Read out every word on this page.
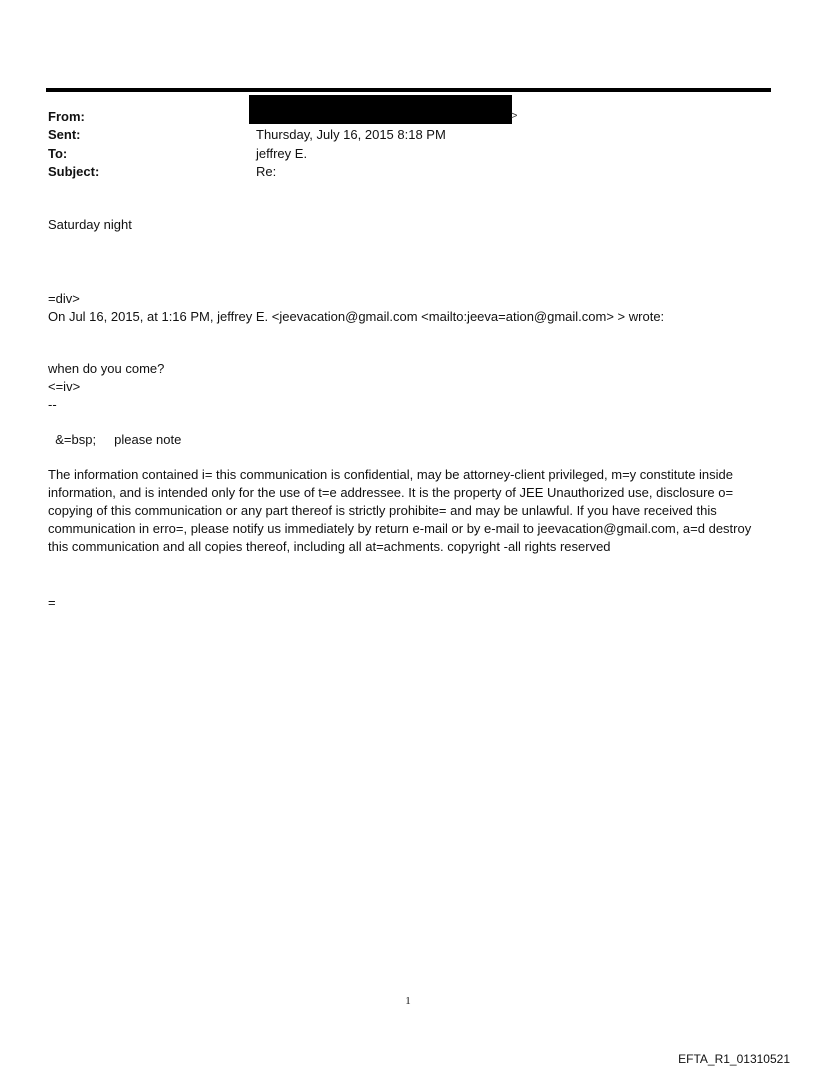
From:	>
Sent:	Thursday, July 16, 2015 8:18 PM
To:	jeffrey E.
Subject:	Re:
Saturday night
=div>
On Jul 16, 2015, at 1:16 PM, jeffrey E. <jeevacation@gmail.com <mailto:jeeva=ation@gmail.com> > wrote:
when do you come?
<=iv>
--
&=bsp;     please note
The information contained i= this communication is confidential, may be attorney-client privileged, m=y constitute inside information, and is intended only for the use of t=e addressee. It is the property of JEE Unauthorized use, disclosure o= copying of this communication or any part thereof is strictly prohibite= and may be unlawful. If you have received this communication in erro=, please notify us immediately by return e-mail or by e-mail to jeevacation@gmail.com, a=d destroy this communication and all copies thereof, including all at=achments. copyright -all rights reserved
=
1
EFTA_R1_01310521
